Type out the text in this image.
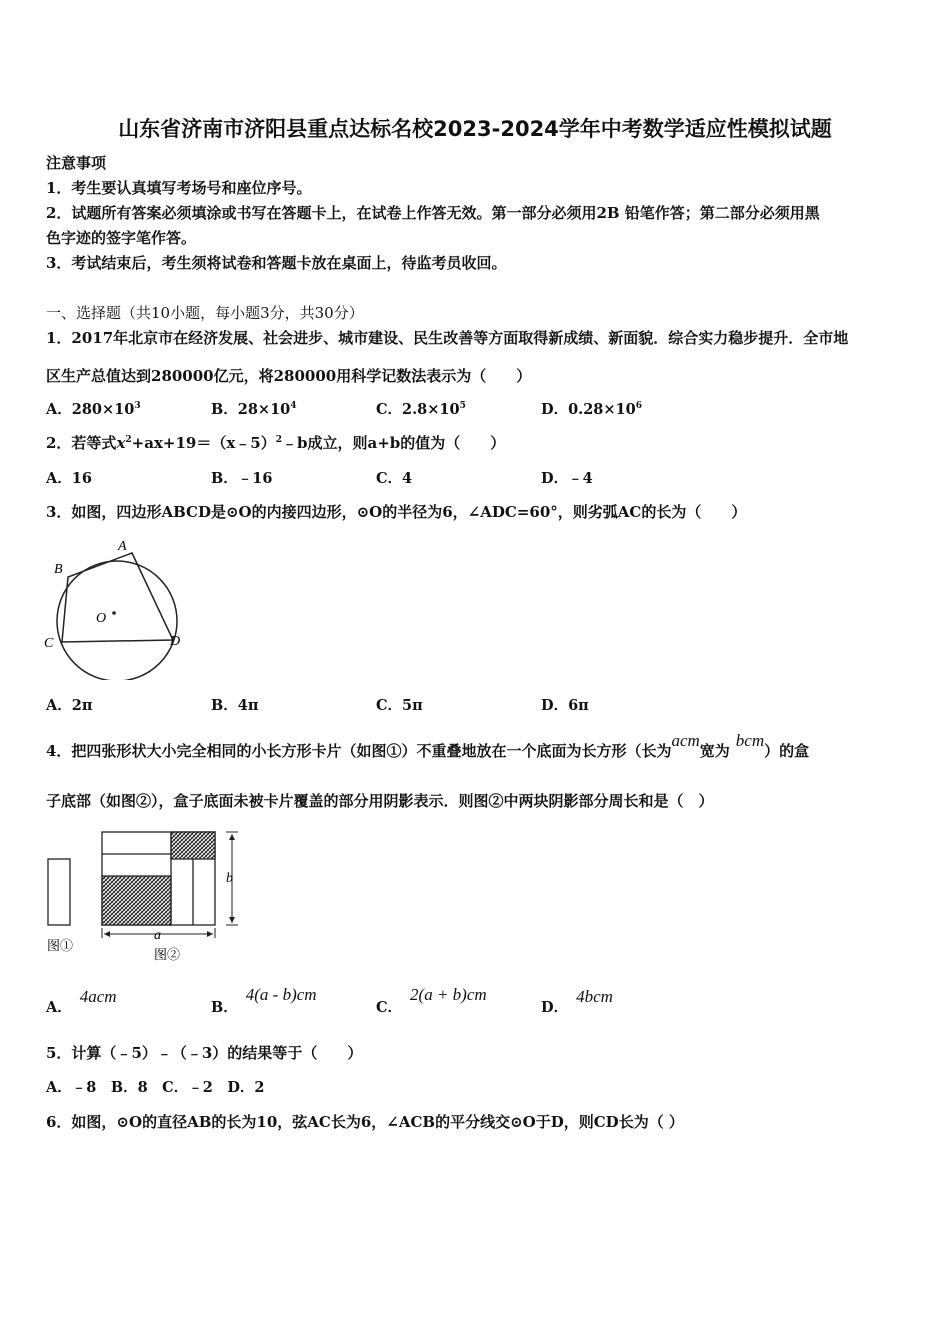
山东省济南市济阳县重点达标名校2023-2024学年中考数学适应性模拟试题
注意事项
1．考生要认真填写考场号和座位序号。
2．试题所有答案必须填涂或书写在答题卡上，在试卷上作答无效。第一部分必须用2B 铅笔作答；第二部分必须用黑
色字迹的签字笔作答。
3．考试结束后，考生须将试卷和答题卡放在桌面上，待监考员收回。
一、选择题（共10小题，每小题3分，共30分）
1．2017年北京市在经济发展、社会进步、城市建设、民生改善等方面取得新成绩、新面貌．综合实力稳步提升．全市地
区生产总值达到280000亿元，将280000用科学记数法表示为（　　）
A．$280\times 10^3$	B．$28\times 10^4$	C．$2.8\times 10^5$	D．$0.28\times 10^6$
2．若等式$x^2+ax+19=(x﹣5)^2﹣b$成立，则a+b的值为（　　）
A．16	B．﹣16	C．4	D．﹣4
3．如图，四边形ABCD是⊙O的内接四边形，⊙O的半径为6，∠ADC=60°，则劣弧AC的长为（　　）
A
B
C	D
O
A．2π	B．4π	C．5π	D．6π
4．把四张形状大小完全相同的小长方形卡片（如图①）不重叠地放在一个底面为长方形（长为acm宽为bcm）的盒
子底部（如图②），盒子底面未被卡片覆盖的部分用阴影表示．则图②中两块阴影部分周长和是（　）
图①
a
b
图②
A．4acm
B．4(a - b)cm
C．2(a + b)cm
D．4bcm
5．计算（﹣5）﹣（﹣3）的结果等于（　　）
A．﹣8　B．8　C．﹣2　D．2
6．如图，⊙O的直径AB的长为10，弦AC长为6，∠ACB的平分线交⊙O于D，则CD长为（ ）
